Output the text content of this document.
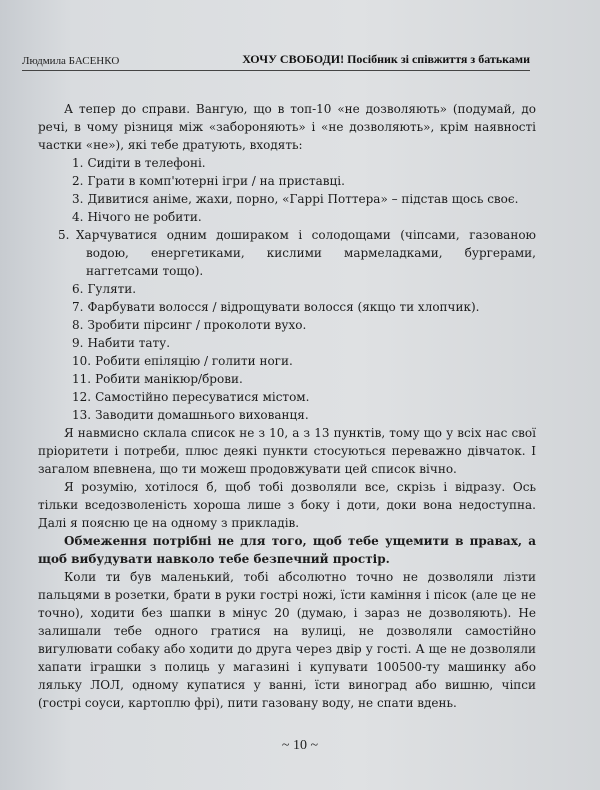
Людмила БАСЕНКО	ХОЧУ СВОБОДИ! Посібник зі співжиття з батьками

А тепер до справи. Вангую, що в топ-10 «не дозволяють» (подумай, до речі, в чому різниця між «забороняють» і «не дозволяють», крім наявності частки «не»), які тебе дратують, входять:

1. Сидіти в телефоні.
2. Грати в комп'ютерні ігри / на приставці.
3. Дивитися аніме, жахи, порно, «Гаррі Поттера» – підстав щось своє.
4. Нічого не робити.
5. Харчуватися одним дошираком і солодощами (чіпсами, газованою водою, енергетиками, кислими мармеладками, бургерами, наггетсами тощо).
6. Гуляти.
7. Фарбувати волосся / відрощувати волосся (якщо ти хлопчик).
8. Зробити пірсинг / проколоти вухо.
9. Набити тату.
10. Робити епіляцію / голити ноги.
11. Робити манікюр/брови.
12. Самостійно пересуватися містом.
13. Заводити домашнього вихованця.

Я навмисно склала список не з 10, а з 13 пунктів, тому що у всіх нас свої пріоритети і потреби, плюс деякі пункти стосуються переважно дівчаток. І загалом впевнена, що ти можеш продовжувати цей список вічно.

Я розумію, хотілося б, щоб тобі дозволяли все, скрізь і відразу. Ось тільки вседозволеність хороша лише з боку і доти, доки вона недоступна. Далі я поясню це на одному з прикладів.

Обмеження потрібні не для того, щоб тебе ущемити в правах, а щоб вибудувати навколо тебе безпечний простір.

Коли ти був маленький, тобі абсолютно точно не дозволяли лізти пальцями в розетки, брати в руки гострі ножі, їсти каміння і пісок (але це не точно), ходити без шапки в мінус 20 (думаю, і зараз не дозволяють). Не залишали тебе одного гратися на вулиці, не дозволяли самостійно вигулювати собаку або ходити до друга через двір у гості. А ще не дозволяли хапати іграшки з полиць у магазині і купувати 100500-ту машинку або ляльку ЛОЛ, одному купатися у ванні, їсти виноград або вишню, чіпси (гострі соуси, картоплю фрі), пити газовану воду, не спати вдень.

~ 10 ~
